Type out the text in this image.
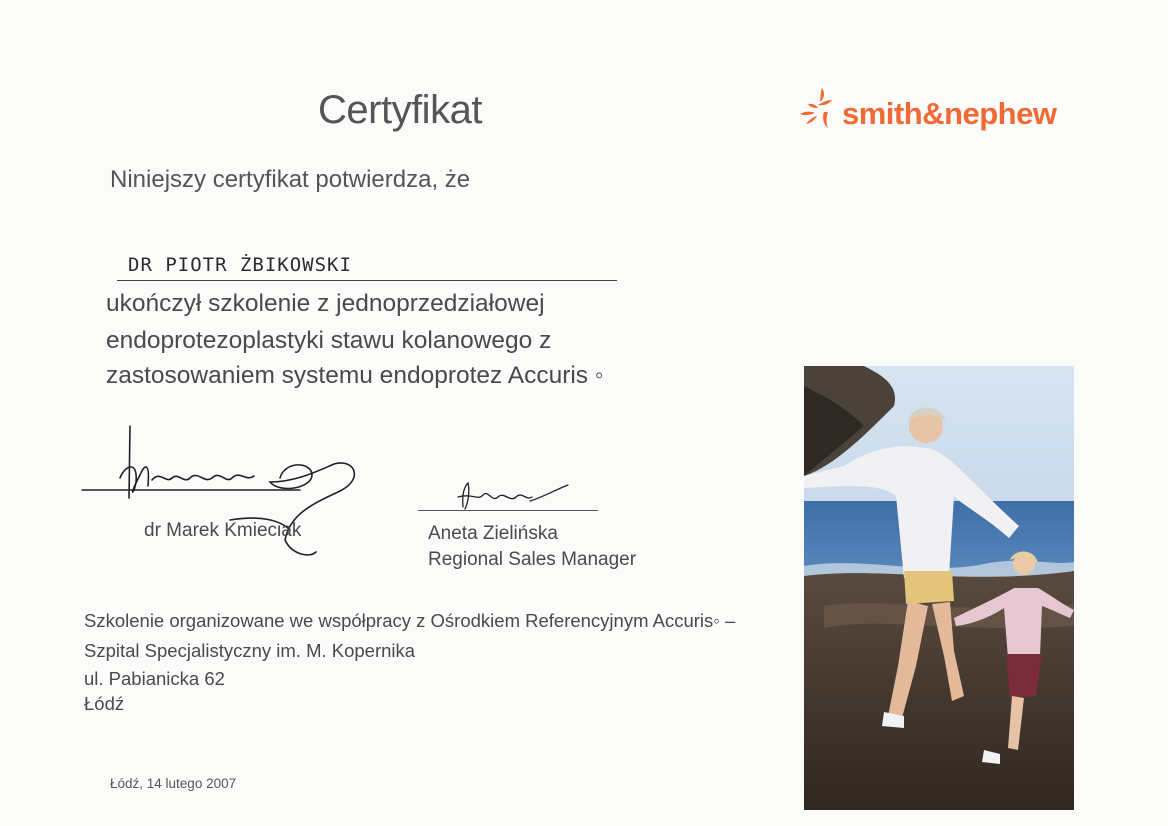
Certyfikat	smith&nephew
Niniejszy certyfikat potwierdza, że
DR PIOTR ŻBIKOWSKI
ukończył szkolenie z jednoprzedziałowej
endoprotezoplastyki stawu kolanowego z
zastosowaniem systemu endoprotez Accuris ◦
dr Marek Kmieciak	Aneta Zielińska
Regional Sales Manager
Szkolenie organizowane we współpracy z Ośrodkiem Referencyjnym Accuris◦ –
Szpital Specjalistyczny im. M. Kopernika
ul. Pabianicka 62
Łódź
Łódź, 14 lutego 2007
